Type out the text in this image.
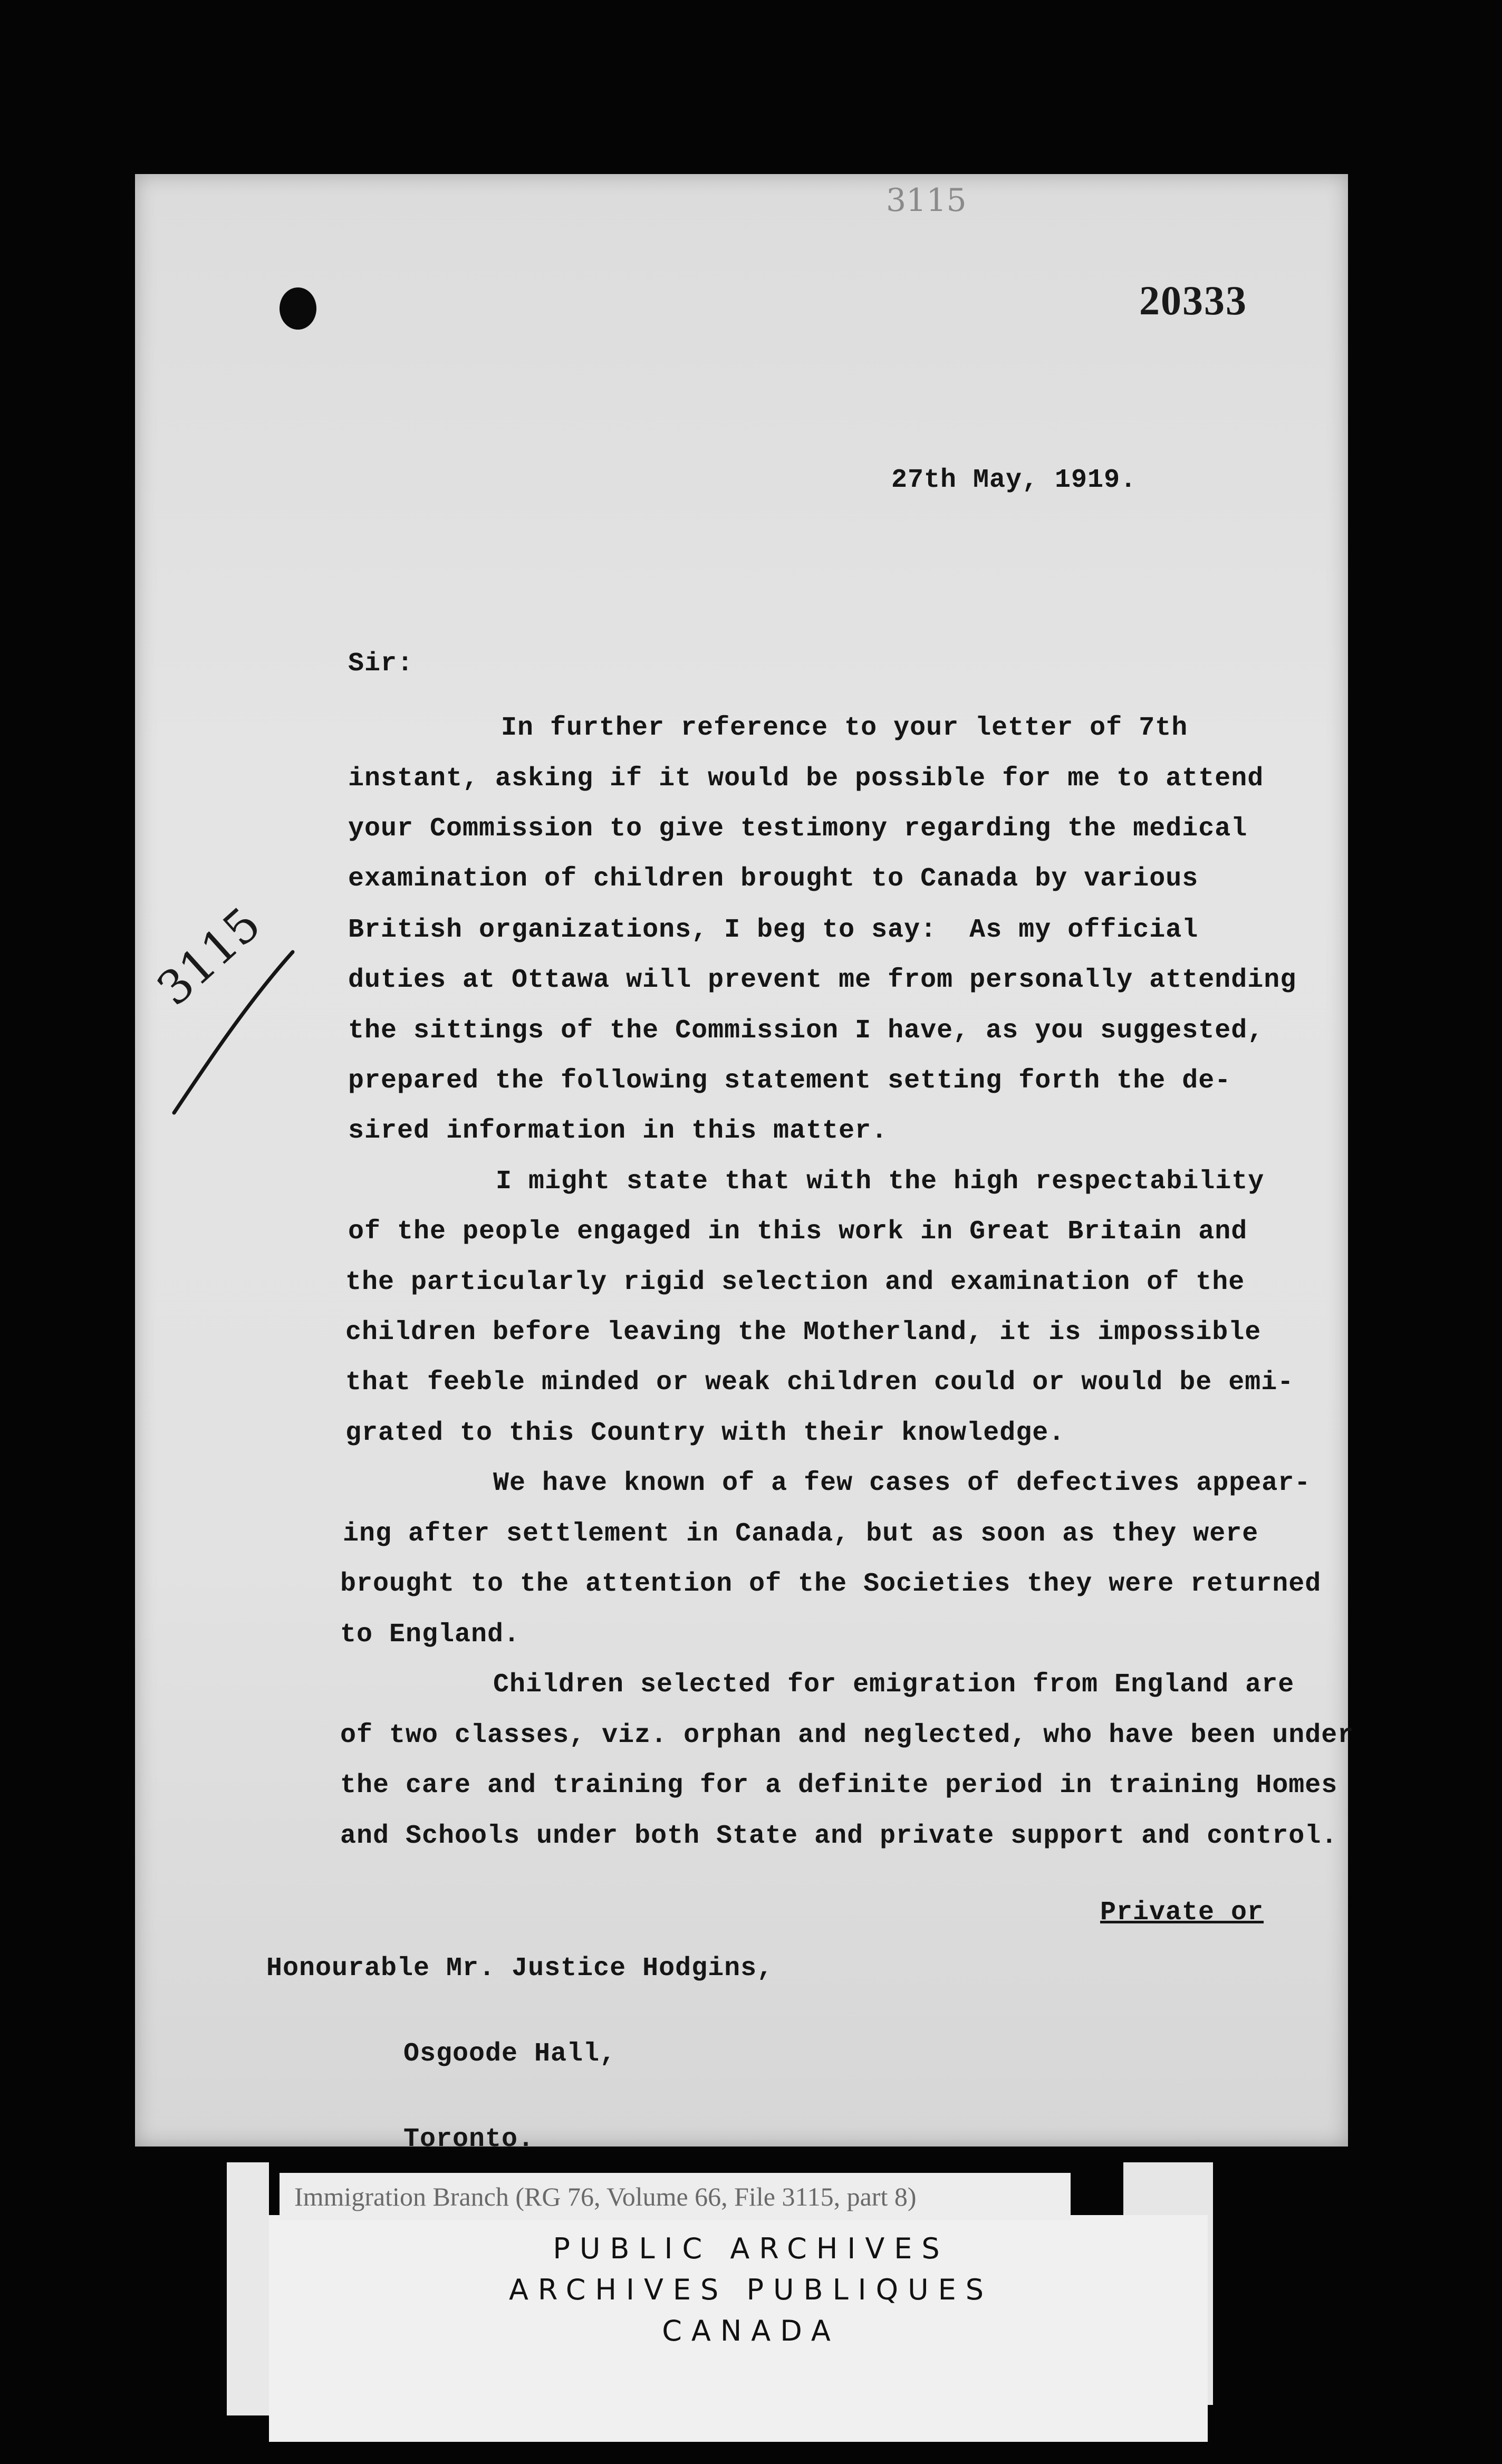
3115
20333
27th May, 1919.
Sir:
In further reference to your letter of 7th
instant, asking if it would be possible for me to attend
your Commission to give testimony regarding the medical
examination of children brought to Canada by various
British organizations, I beg to say:  As my official
duties at Ottawa will prevent me from personally attending
the sittings of the Commission I have, as you suggested,
prepared the following statement setting forth the de-
sired information in this matter.
I might state that with the high respectability
of the people engaged in this work in Great Britain and
the particularly rigid selection and examination of the
children before leaving the Motherland, it is impossible
that feeble minded or weak children could or would be emi-
grated to this Country with their knowledge.
We have known of a few cases of defectives appear-
ing after settlement in Canada, but as soon as they were
brought to the attention of the Societies they were returned
to England.
Children selected for emigration from England are
of two classes, viz. orphan and neglected, who have been under
the care and training for a definite period in training Homes
and Schools under both State and private support and control.

Honourable Mr. Justice Hodgins,

Osgoode Hall,

Toronto.

Private or
3115
Immigration Branch (RG 76, Volume 66, File 3115, part 8)
PUBLIC ARCHIVES
ARCHIVES PUBLIQUES
CANADA
